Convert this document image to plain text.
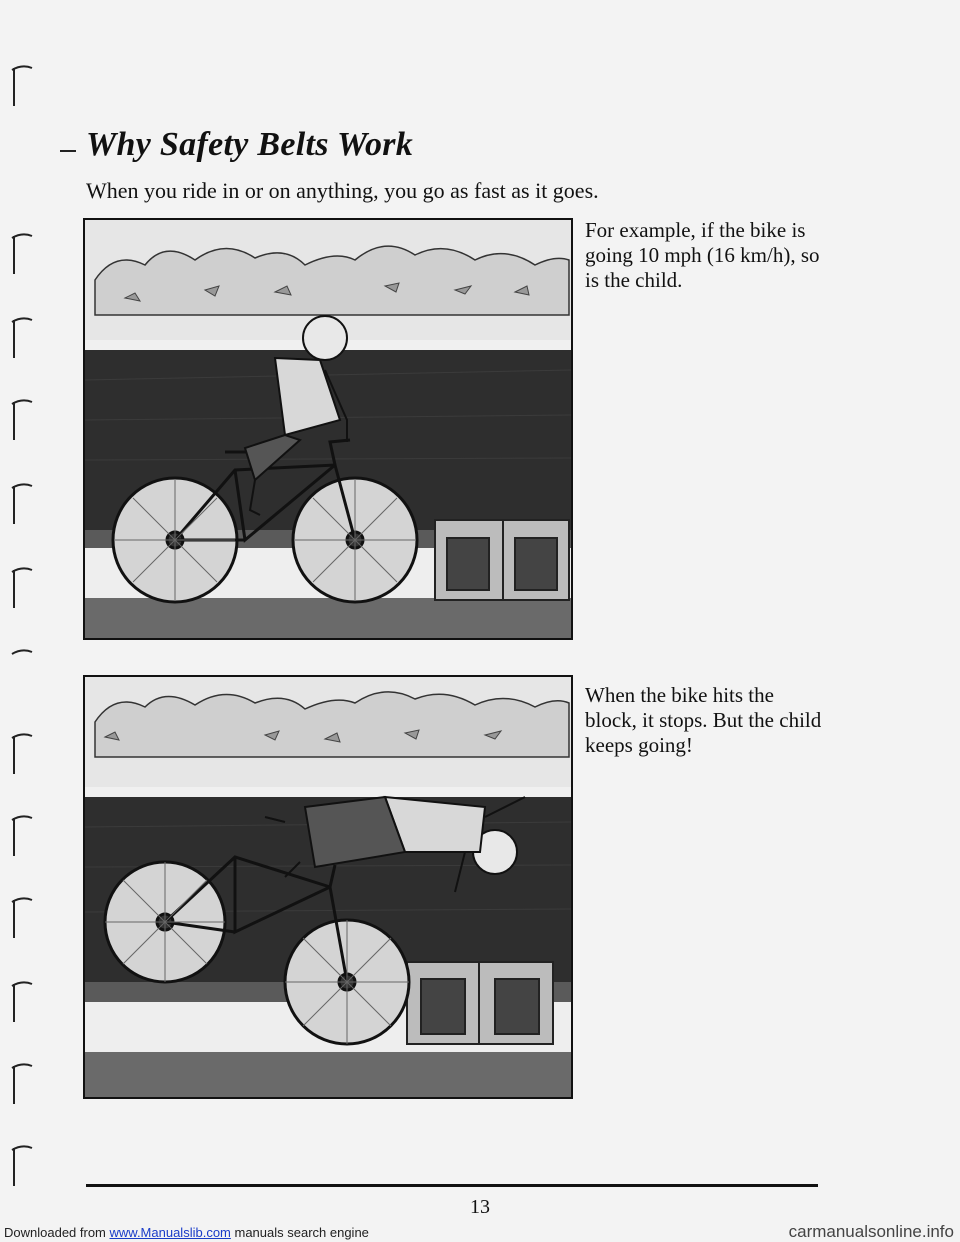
Why Safety Belts Work

When you ride in or on anything, you go as fast as it goes.

For example, if the bike is going 10 mph (16 km/h), so is the child.

When the bike hits the block, it stops. But the child keeps going!

13
Downloaded from www.Manualslib.com manuals search engine	carmanualsonline.info
